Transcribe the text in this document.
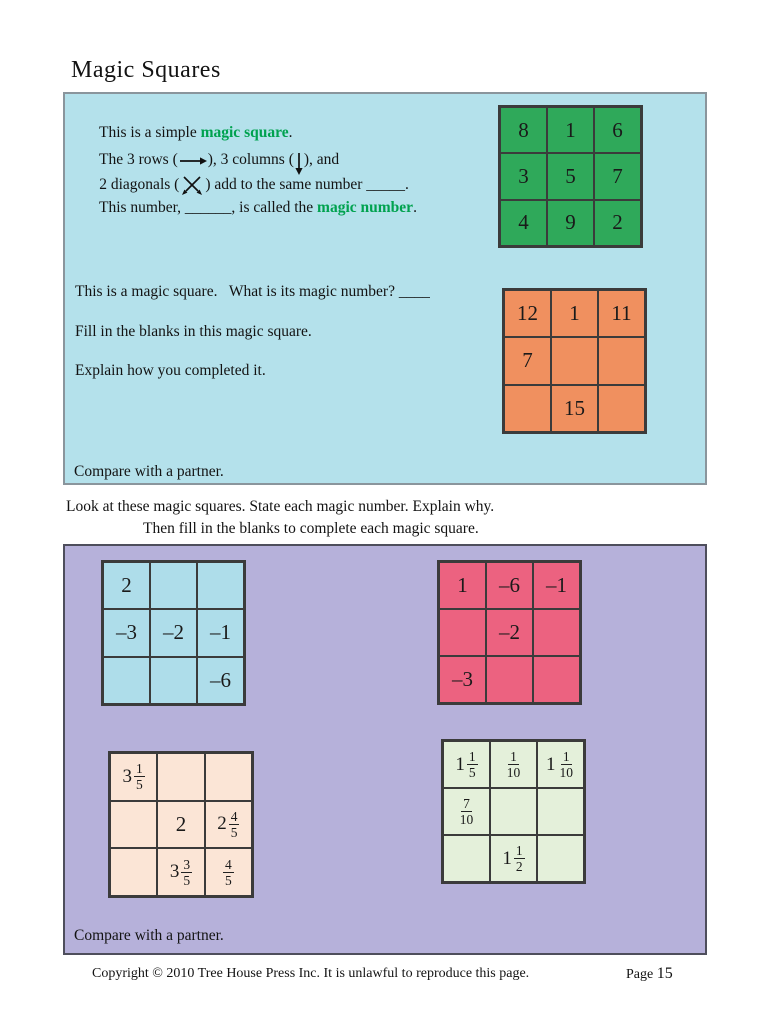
Magic Squares

This is a simple magic square.

The 3 rows ( ), 3 columns ( ), and

2 diagonals ( ) add to the same number _____.

This number, ______, is called the magic number.

8 1 6
3 5 7
4 9 2
This is a magic square.   What is its magic number? ____
Fill in the blanks in this magic square.
Explain how you completed it.
12 1 11
7
15
Compare with a partner.
Look at these magic squares. State each magic number. Explain why.
Then fill in the blanks to complete each magic square.
2
–3 –2 –1
–6
1 –6 –1
–2
–3
$3 \frac{1}{5}$
2 $2 \frac{4}{5}$
$3 \frac{3}{5} \frac{4}{5}$
$1 \frac{1}{5} \frac{1}{10} 1 \frac{1}{10}$
$\frac{7}{10}$
$1 \frac{1}{2}$
Compare with a partner.
Copyright © 2010 Tree House Press Inc. It is unlawful to reproduce this page.	Page 15
